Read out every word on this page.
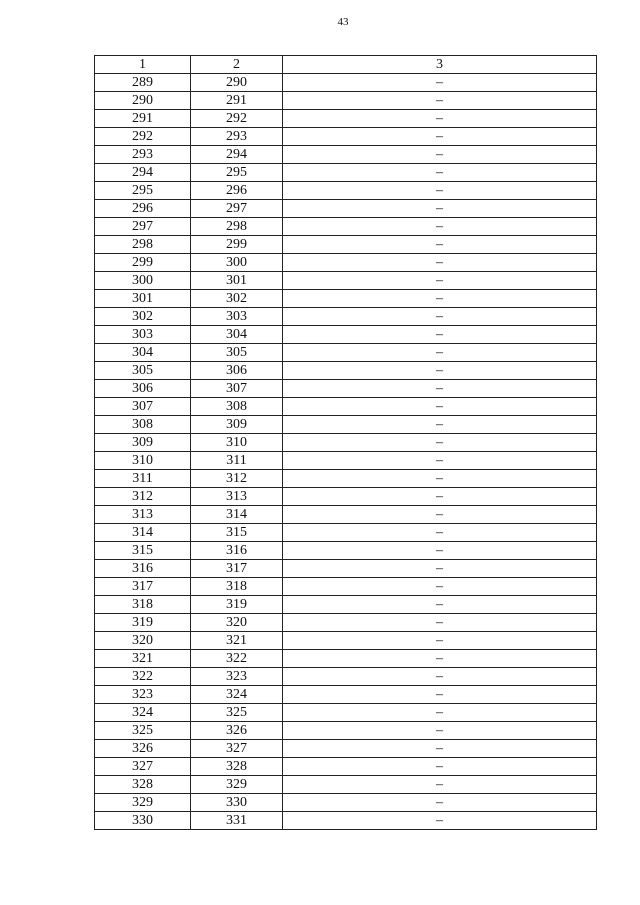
43
1	2	3
289	290	–
290	291	–
291	292	–
292	293	–
293	294	–
294	295	–
295	296	–
296	297	–
297	298	–
298	299	–
299	300	–
300	301	–
301	302	–
302	303	–
303	304	–
304	305	–
305	306	–
306	307	–
307	308	–
308	309	–
309	310	–
310	311	–
311	312	–
312	313	–
313	314	–
314	315	–
315	316	–
316	317	–
317	318	–
318	319	–
319	320	–
320	321	–
321	322	–
322	323	–
323	324	–
324	325	–
325	326	–
326	327	–
327	328	–
328	329	–
329	330	–
330	331	–
